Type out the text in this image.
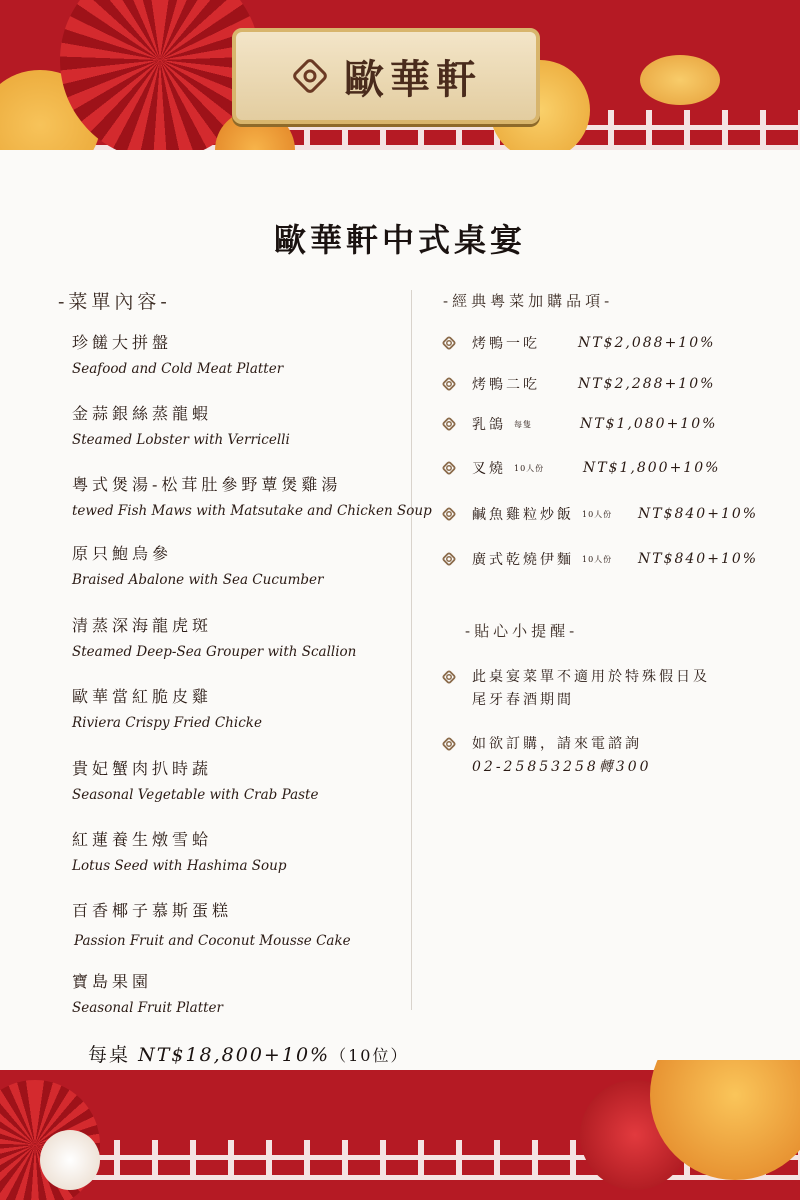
歐華軒
歐華軒中式桌宴
-菜單內容-
珍饈大拼盤
Seafood and Cold Meat Platter
金蒜銀絲蒸龍蝦
Steamed Lobster with Verricelli
粵式煲湯-松茸肚參野蕈煲雞湯
tewed Fish Maws with Matsutake and Chicken Soup
原只鮑烏參
Braised Abalone with Sea Cucumber
清蒸深海龍虎斑
Steamed Deep-Sea Grouper with Scallion
歐華當紅脆皮雞
Riviera Crispy Fried Chicke
貴妃蟹肉扒時蔬
Seasonal Vegetable with Crab Paste
紅蓮養生燉雪蛤
Lotus Seed with Hashima Soup
百香椰子慕斯蛋糕
Passion Fruit and Coconut Mousse Cake
寶島果園
Seasonal Fruit Platter
每桌 NT$18,800+10%（10位）
-經典粵菜加購品項-
烤鴨一吃	NT$2,088+10%
烤鴨二吃	NT$2,288+10%
乳鴿 每隻	NT$1,080+10%
叉燒 10人份	NT$1,800+10%
鹹魚雞粒炒飯 10人份 NT$840+10%
廣式乾燒伊麵 10人份 NT$840+10%
-貼心小提醒-
此桌宴菜單不適用於特殊假日及
尾牙春酒期間
如欲訂購，請來電諮詢
02-25853258轉300
